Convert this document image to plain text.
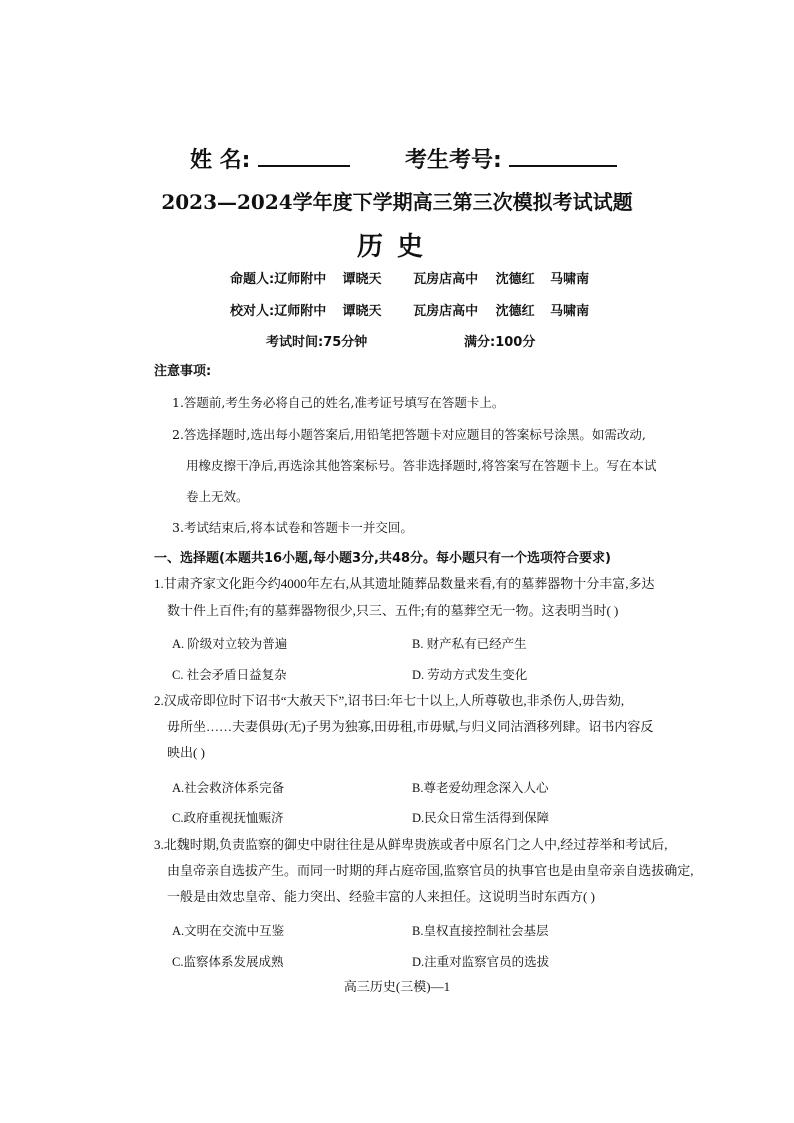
姓 名:	考生考号:
2023—2024学年度下学期高三第三次模拟考试试题
历史
命题人:辽师附中 谭晓天 瓦房店高中 沈德红 马啸南
校对人:辽师附中 谭晓天 瓦房店高中 沈德红 马啸南
考试时间:75分钟	满分:100分
注意事项:
1.答题前,考生务必将自己的姓名,准考证号填写在答题卡上。
2.答选择题时,选出每小题答案后,用铅笔把答题卡对应题目的答案标号涂黑。如需改动,
用橡皮擦干净后,再选涂其他答案标号。答非选择题时,将答案写在答题卡上。写在本试
卷上无效。
3.考试结束后,将本试卷和答题卡一并交回。
一、选择题(本题共16小题,每小题3分,共48分。每小题只有一个选项符合要求)
1.甘肃齐家文化距今约4000年左右,从其遗址随葬品数量来看,有的墓葬器物十分丰富,多达
数十件上百件;有的墓葬器物很少,只三、五件;有的墓葬空无一物。这表明当时( )
A. 阶级对立较为普遍	B. 财产私有已经产生
C. 社会矛盾日益复杂	D. 劳动方式发生变化
2.汉成帝即位时下诏书“大赦天下”,诏书曰:年七十以上,人所尊敬也,非杀伤人,毋告劾,
毋所坐……夫妻俱毋(无)子男为独寡,田毋租,市毋赋,与归义同沽酒移列肆。诏书内容反
映出( )
A.社会救济体系完备	B.尊老爱幼理念深入人心
C.政府重视抚恤赈济	D.民众日常生活得到保障
3.北魏时期,负责监察的御史中尉往往是从鲜卑贵族或者中原名门之人中,经过荐举和考试后,
由皇帝亲自选拔产生。而同一时期的拜占庭帝国,监察官员的执事官也是由皇帝亲自选拔确定,
一般是由效忠皇帝、能力突出、经验丰富的人来担任。这说明当时东西方( )
A.文明在交流中互鉴	B.皇权直接控制社会基层
C.监察体系发展成熟	D.注重对监察官员的选拔
高三历史(三模)—1
